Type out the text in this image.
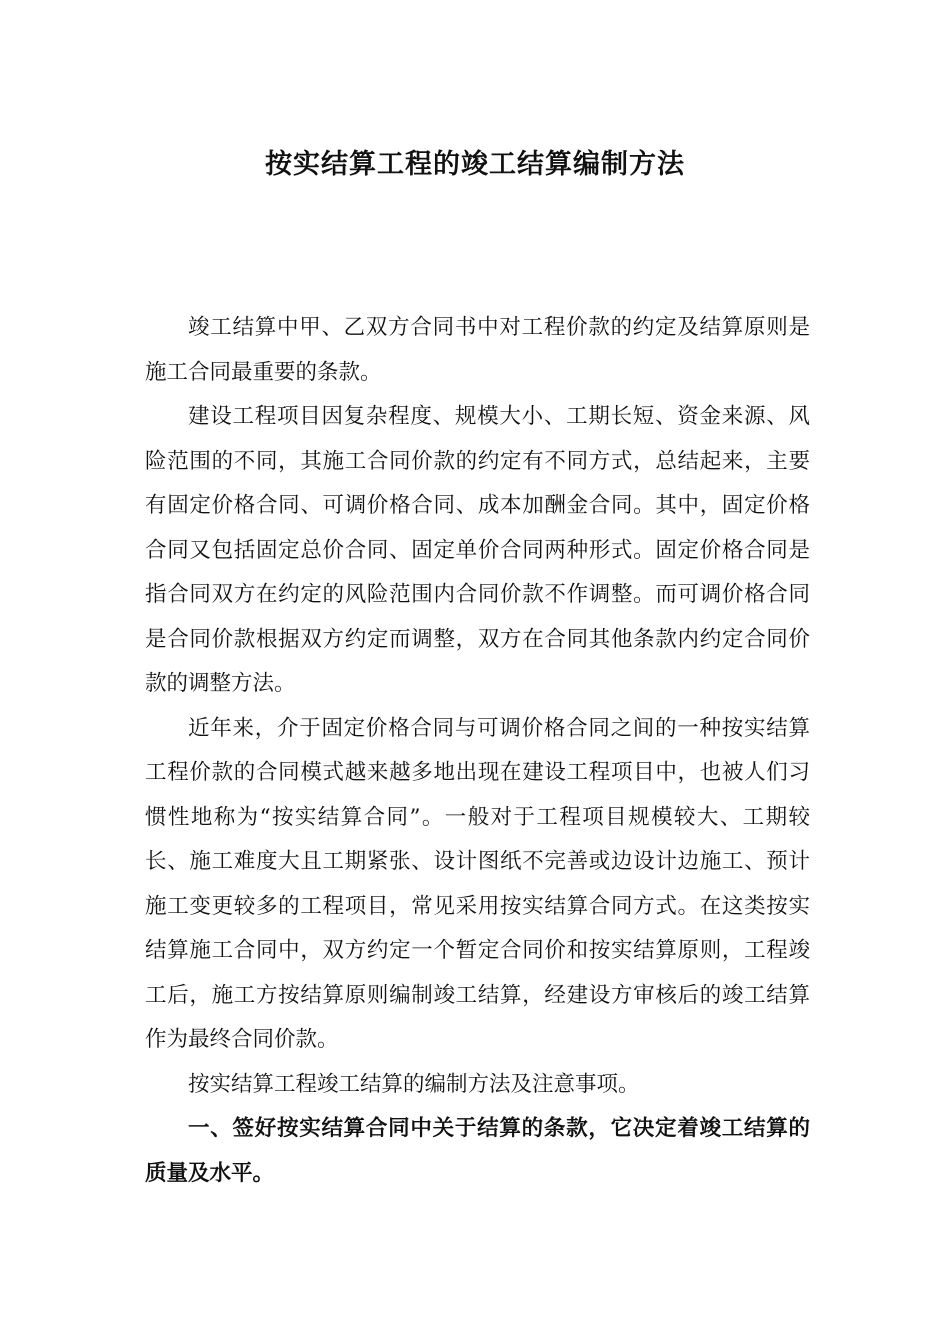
按实结算工程的竣工结算编制方法

竣工结算中甲、乙双方合同书中对工程价款的约定及结算原则是施工合同最重要的条款。

建设工程项目因复杂程度、规模大小、工期长短、资金来源、风险范围的不同，其施工合同价款的约定有不同方式，总结起来，主要有固定价格合同、可调价格合同、成本加酬金合同。其中，固定价格合同又包括固定总价合同、固定单价合同两种形式。固定价格合同是指合同双方在约定的风险范围内合同价款不作调整。而可调价格合同是合同价款根据双方约定而调整，双方在合同其他条款内约定合同价款的调整方法。

近年来，介于固定价格合同与可调价格合同之间的一种按实结算工程价款的合同模式越来越多地出现在建设工程项目中，也被人们习惯性地称为“按实结算合同”。一般对于工程项目规模较大、工期较长、施工难度大且工期紧张、设计图纸不完善或边设计边施工、预计施工变更较多的工程项目，常见采用按实结算合同方式。在这类按实结算施工合同中，双方约定一个暂定合同价和按实结算原则，工程竣工后，施工方按结算原则编制竣工结算，经建设方审核后的竣工结算作为最终合同价款。

按实结算工程竣工结算的编制方法及注意事项。

一、签好按实结算合同中关于结算的条款，它决定着竣工结算的质量及水平。
